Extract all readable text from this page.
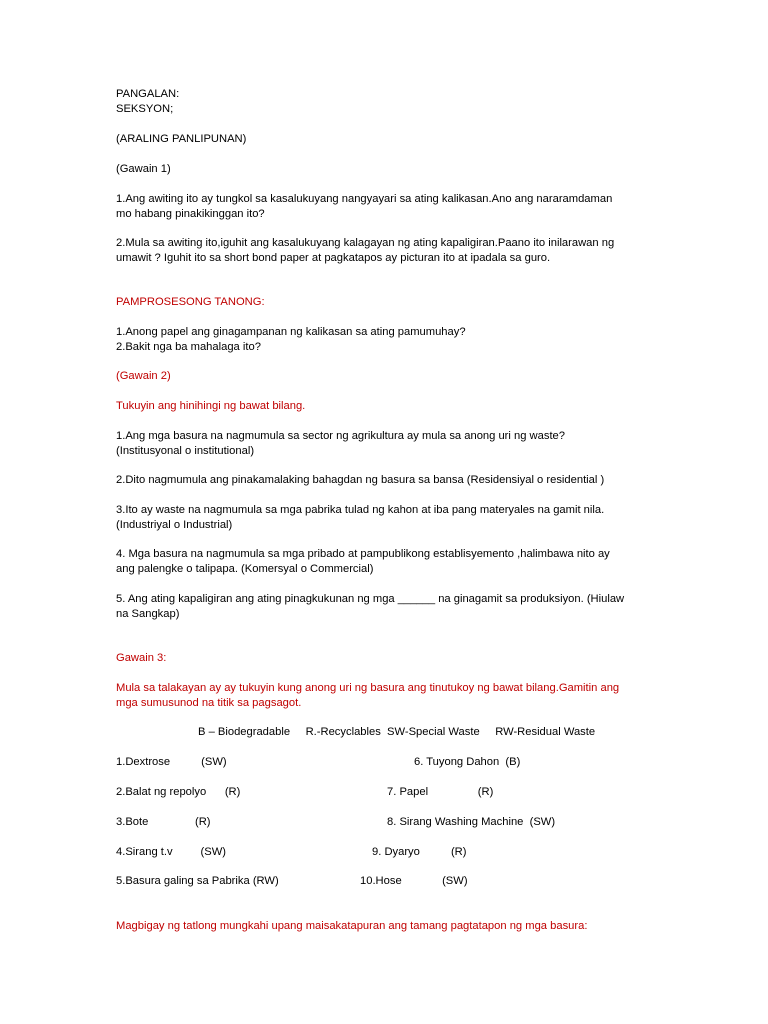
PANGALAN:
SEKSYON;
(ARALING PANLIPUNAN)
(Gawain 1)
1.Ang awiting ito ay tungkol sa kasalukuyang nangyayari sa ating kalikasan.Ano ang nararamdaman
mo habang pinakikinggan ito?
2.Mula sa awiting ito,iguhit ang kasalukuyang kalagayan ng ating kapaligiran.Paano ito inilarawan ng
umawit ? Iguhit ito sa short bond paper at pagkatapos ay picturan ito at ipadala sa guro.
PAMPROSESONG TANONG:
1.Anong papel ang ginagampanan ng kalikasan sa ating pamumuhay?
2.Bakit nga ba mahalaga ito?
(Gawain 2)
Tukuyin ang hinihingi ng bawat bilang.
1.Ang mga basura na nagmumula sa sector ng agrikultura ay mula sa anong uri ng waste?
(Institusyonal o institutional)
2.Dito nagmumula ang pinakamalaking bahagdan ng basura sa bansa (Residensiyal o residential )
3.Ito ay waste na nagmumula sa mga pabrika tulad ng kahon at iba pang materyales na gamit nila.
(Industriyal o Industrial)
4. Mga basura na nagmumula sa mga pribado at pampublikong establisyemento ,halimbawa nito ay
ang palengke o talipapa. (Komersyal o Commercial)
5. Ang ating kapaligiran ang ating pinagkukunan ng mga ______ na ginagamit sa produksiyon. (Hiulaw
na Sangkap)
Gawain 3:
Mula sa talakayan ay ay tukuyin kung anong uri ng basura ang tinutukoy ng bawat bilang.Gamitin ang
mga sumusunod na titik sa pagsagot.
B – Biodegradable     R.-Recyclables  SW-Special Waste     RW-Residual Waste
1.Dextrose          (SW)	6. Tuyong Dahon  (B)
2.Balat ng repolyo      (R)	7. Papel                (R)
3.Bote               (R)	8. Sirang Washing Machine  (SW)
4.Sirang t.v         (SW)	9. Dyaryo          (R)
5.Basura galing sa Pabrika (RW)	10.Hose             (SW)
Magbigay ng tatlong mungkahi upang maisakatapuran ang tamang pagtatapon ng mga basura:
